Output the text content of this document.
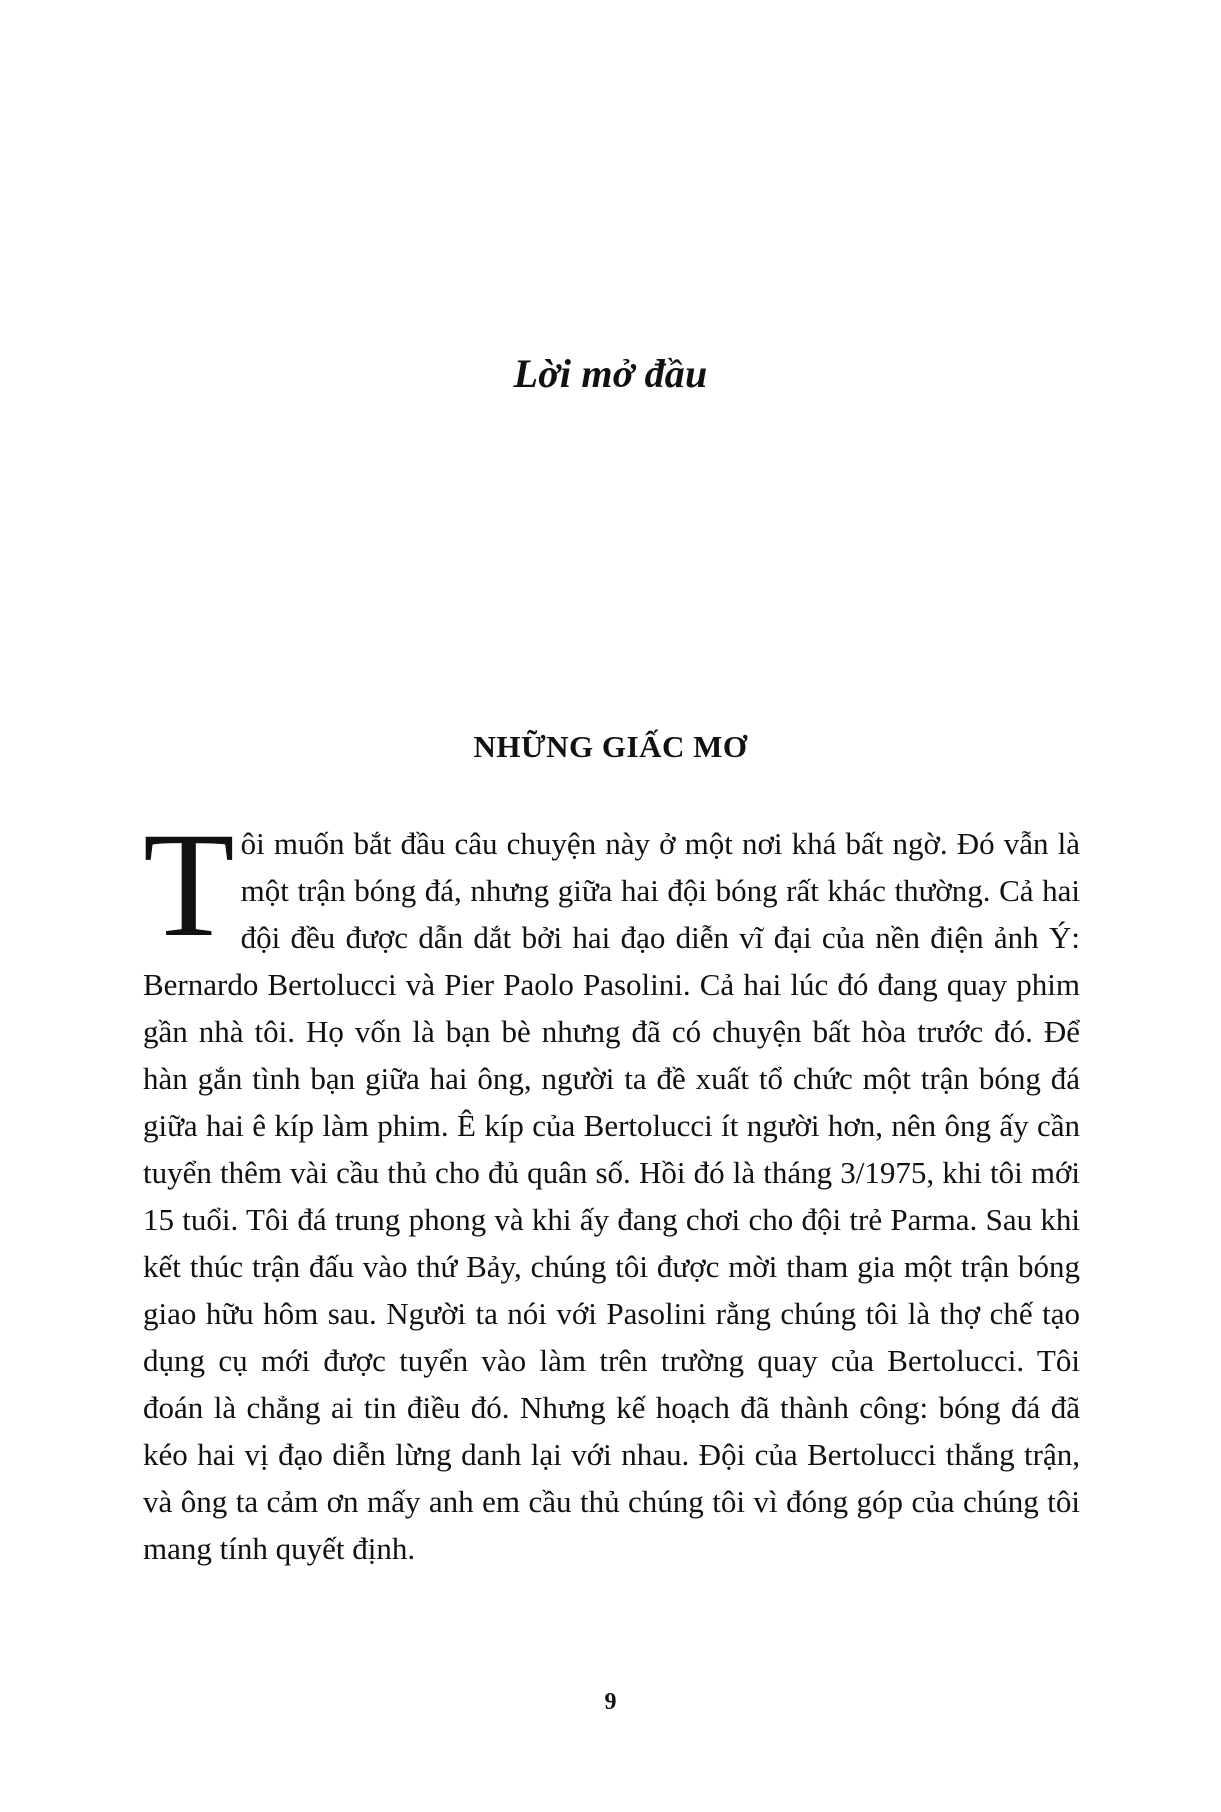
Lời mở đầu
NHỮNG GIẤC MƠ

Tôi muốn bắt đầu câu chuyện này ở một nơi khá bất ngờ. Đó vẫn là một trận bóng đá, nhưng giữa hai đội bóng rất khác thường. Cả hai đội đều được dẫn dắt bởi hai đạo diễn vĩ đại của nền điện ảnh Ý: Bernardo Bertolucci và Pier Paolo Pasolini. Cả hai lúc đó đang quay phim gần nhà tôi. Họ vốn là bạn bè nhưng đã có chuyện bất hòa trước đó. Để hàn gắn tình bạn giữa hai ông, người ta đề xuất tổ chức một trận bóng đá giữa hai ê kíp làm phim. Ê kíp của Bertolucci ít người hơn, nên ông ấy cần tuyển thêm vài cầu thủ cho đủ quân số. Hồi đó là tháng 3/1975, khi tôi mới 15 tuổi. Tôi đá trung phong và khi ấy đang chơi cho đội trẻ Parma. Sau khi kết thúc trận đấu vào thứ Bảy, chúng tôi được mời tham gia một trận bóng giao hữu hôm sau. Người ta nói với Pasolini rằng chúng tôi là thợ chế tạo dụng cụ mới được tuyển vào làm trên trường quay của Bertolucci. Tôi đoán là chẳng ai tin điều đó. Nhưng kế hoạch đã thành công: bóng đá đã kéo hai vị đạo diễn lừng danh lại với nhau. Đội của Bertolucci thắng trận, và ông ta cảm ơn mấy anh em cầu thủ chúng tôi vì đóng góp của chúng tôi mang tính quyết định.

9
